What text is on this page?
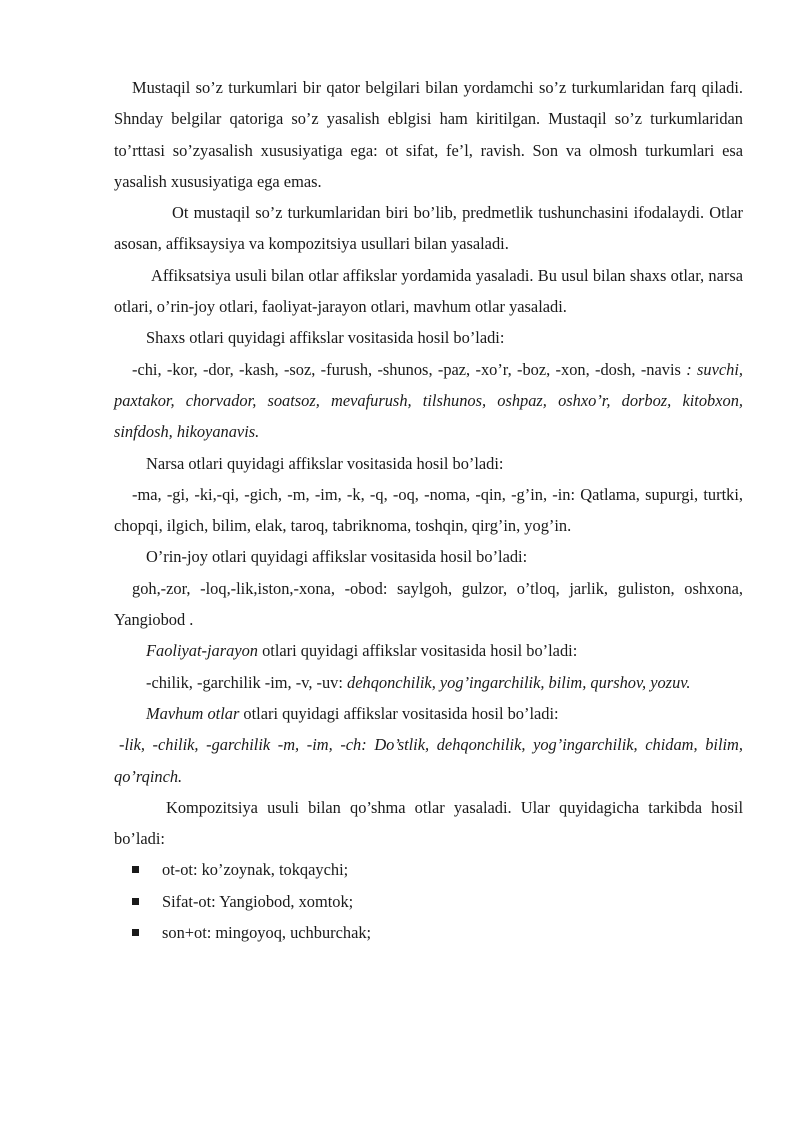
Mustaqil so’z turkumlari bir qator belgilari bilan yordamchi so’z turkumlaridan farq qiladi. Shnday belgilar qatoriga so’z yasalish eblgisi ham kiritilgan. Mustaqil so’z turkumlaridan to’rttasi so’zyasalish xususiyatiga ega: ot sifat, fe’l, ravish. Son va olmosh turkumlari esa yasalish xususiyatiga ega emas.

Ot mustaqil so’z turkumlaridan biri bo’lib, predmetlik tushunchasini ifodalaydi. Otlar asosan, affiksaysiya va kompozitsiya usullari bilan yasaladi.

Affiksatsiya usuli bilan otlar affikslar yordamida yasaladi. Bu usul bilan shaxs otlar, narsa otlari, o’rin-joy otlari, faoliyat-jarayon otlari, mavhum otlar yasaladi.

Shaxs otlari quyidagi affikslar vositasida hosil bo’ladi:

-chi, -kor, -dor, -kash, -soz, -furush, -shunos, -paz, -xo’r, -boz, -xon, -dosh, -navis : suvchi, paxtakor, chorvador, soatsoz, mevafurush, tilshunos, oshpaz, oshxo’r, dorboz, kitobxon, sinfdosh, hikoyanavis.

Narsa otlari quyidagi affikslar vositasida hosil bo’ladi:

-ma, -gi, -ki,-qi, -gich, -m, -im, -k, -q, -oq, -noma, -qin, -g’in, -in: Qatlama, supurgi, turtki, chopqi, ilgich, bilim, elak, taroq, tabriknoma, toshqin, qirg’in, yog’in.

O’rin-joy otlari quyidagi affikslar vositasida hosil bo’ladi:

goh,-zor, -loq,-lik,iston,-xona, -obod: saylgoh, gulzor, o’tloq, jarlik, guliston, oshxona, Yangiobod .

Faoliyat-jarayon otlari quyidagi affikslar vositasida hosil bo’ladi:

-chilik, -garchilik -im, -v, -uv: dehqonchilik, yog’ingarchilik, bilim, qurshov, yozuv.

Mavhum otlar otlari quyidagi affikslar vositasida hosil bo’ladi:

-lik, -chilik, -garchilik -m, -im, -ch: Do’stlik, dehqonchilik, yog’ingarchilik, chidam, bilim, qo’rqinch.

Kompozitsiya usuli bilan qo’shma otlar yasaladi. Ular quyidagicha tarkibda hosil bo’ladi:

ot-ot: ko’zoynak, tokqaychi;
Sifat-ot: Yangiobod, xomtok;
son+ot: mingoyoq, uchburchak;
